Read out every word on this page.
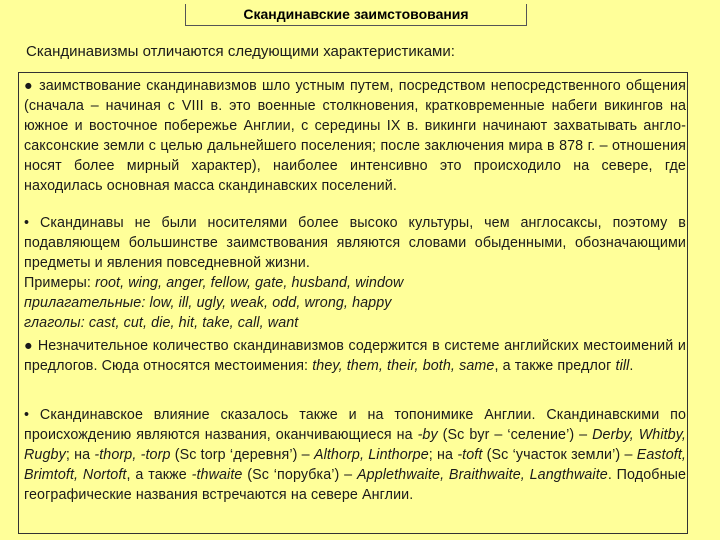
Скандинавские заимстовования
Скандинавизмы отличаются следующими характеристиками:
● заимствование скандинавизмов шло устным путем, посредством непосредственного общения (сначала – начиная с VIII в. это военные столкновения, кратковременные набеги викингов на южное и восточное побережье Англии, с середины IX в. викинги начинают захватывать англо-саксонские земли с целью дальнейшего поселения; после заключения мира в 878 г. – отношения носят более мирный характер), наиболее интенсивно это происходило на севере, где находилась основная масса скандинавских поселений.
• Скандинавы не были носителями более высоко культуры, чем англосаксы, поэтому в подавляющем большинстве заимствования являются словами обыденными, обозначающими предметы и явления повседневной жизни.
Примеры: root, wing, anger, fellow, gate, husband, window
прилагательные: low, ill, ugly, weak, odd, wrong, happy
глаголы: cast, cut, die, hit, take, call, want
● Незначительное количество скандинавизмов содержится в системе английских местоимений и предлогов. Сюда относятся местоимения: they, them, their, both, same, а также предлог till.
• Скандинавское влияние сказалось также и на топонимике Англии. Скандинавскими по происхождению являются названия, оканчивающиеся на -by (Sc byr – ‘селение’) – Derby, Whitby, Rugby; на -thorp, -torp (Sc torp ‘деревня’) – Althorp, Linthorpe; на -toft (Sc ‘участок земли’) – Eastoft, Brimtoft, Nortoft, а также -thwaite (Sc ‘порубка’) – Applethwaite, Braithwaite, Langthwaite. Подобные географические названия встречаются на севере Англии.
